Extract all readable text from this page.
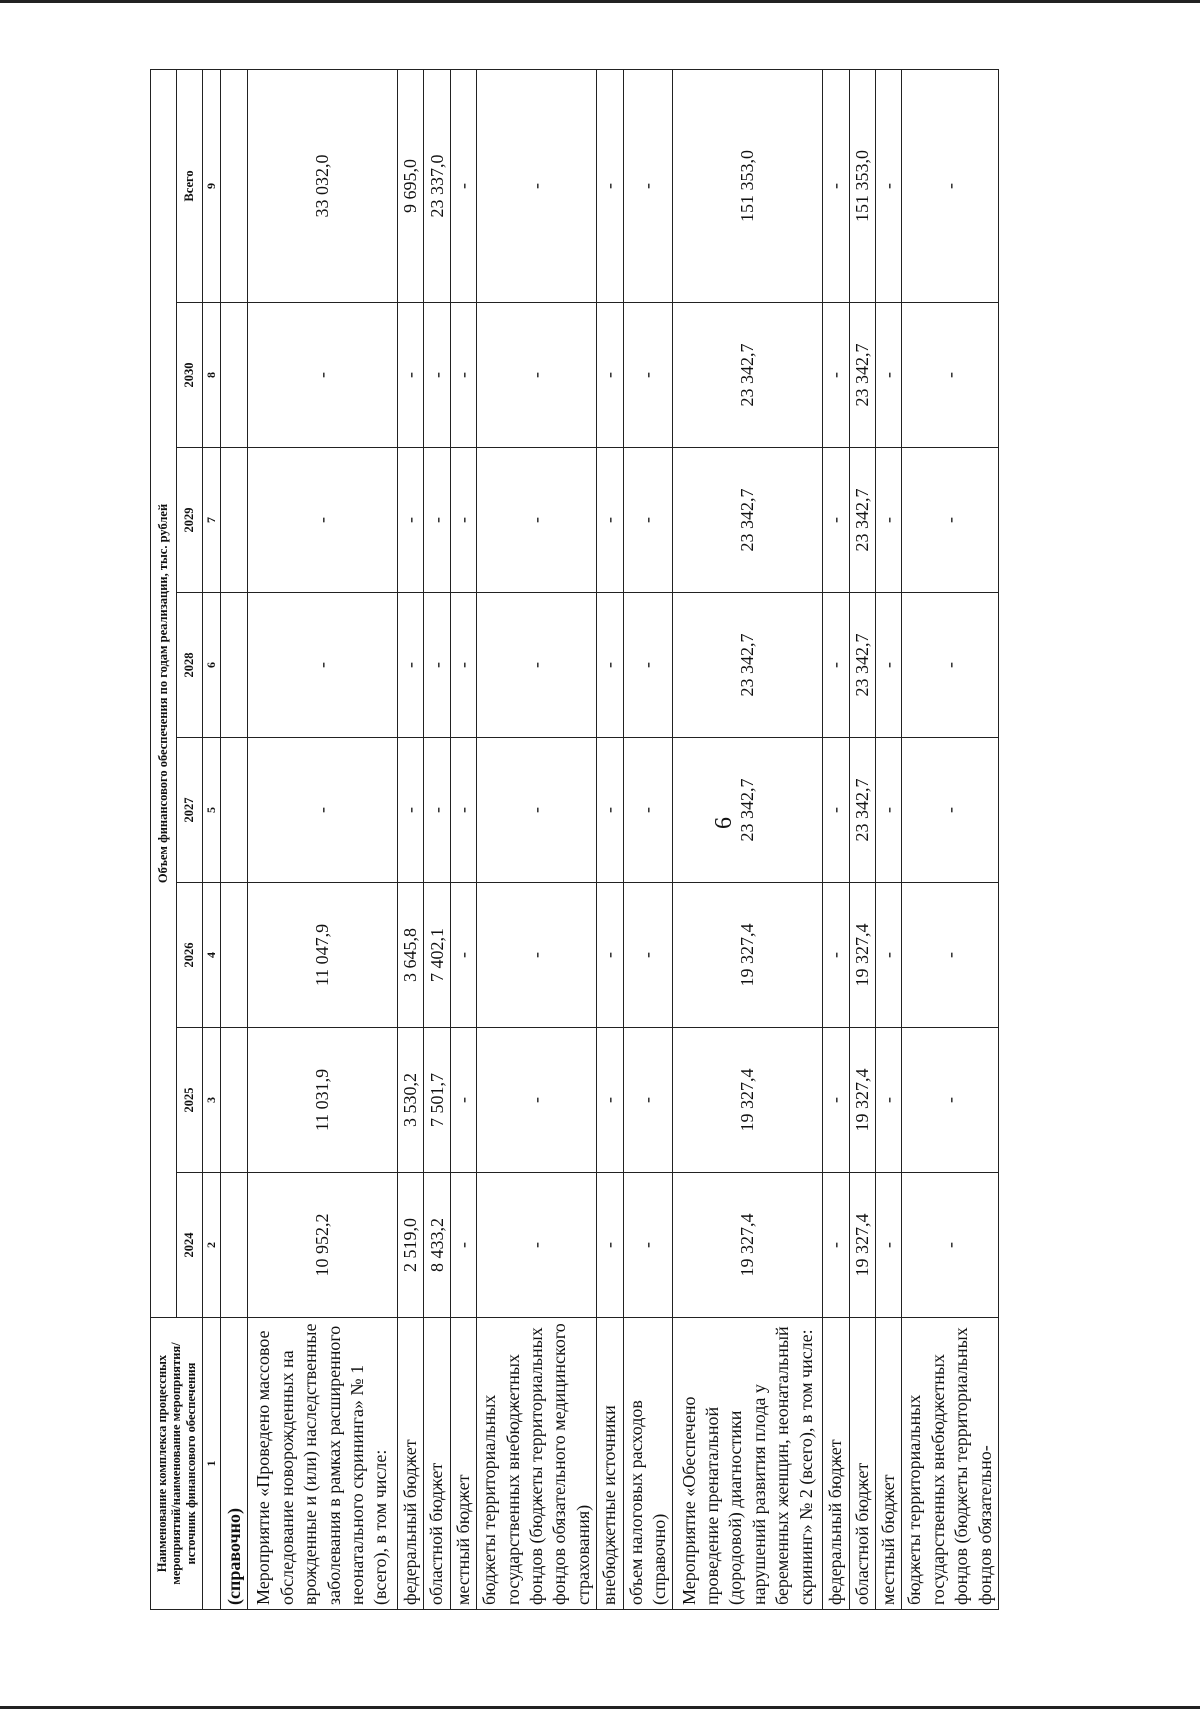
6
Наименование комплекса процессных мероприятий/наименование мероприятия/источник финансового обеспечения	Объем финансового обеспечения по годам реализации, тыс. рублей							
	2024	2025	2026	2027	2028	2029	2030	Всего
1	2	3	4	5	6	7	8	9
(справочно)								
Мероприятие «Проведено массовое обследование новорожденных на врожденные и (или) наследственные заболевания в рамках расширенного неонатального скрининга» № 1 (всего), в том числе:	10 952,2	11 031,9	11 047,9	-	-	-	-	33 032,0
федеральный бюджет	2 519,0	3 530,2	3 645,8	-	-	-	-	9 695,0
областной бюджет	8 433,2	7 501,7	7 402,1	-	-	-	-	23 337,0
местный бюджет	-	-	-	-	-	-	-	-
бюджеты территориальных государственных внебюджетных фондов (бюджеты территориальных фондов обязательного медицинского страхования)	-	-	-	-	-	-	-	-
внебюджетные источники	-	-	-	-	-	-	-	-
объем налоговых расходов (справочно)	-	-	-	-	-	-	-	-
Мероприятие «Обеспечено проведение пренатальной (дородовой) диагностики нарушений развития плода у беременных женщин, неонатальный скрининг» № 2 (всего), в том числе:	19 327,4	19 327,4	19 327,4	23 342,7	23 342,7	23 342,7	23 342,7	151 353,0
федеральный бюджет	-	-	-	-	-	-	-	-
областной бюджет	19 327,4	19 327,4	19 327,4	23 342,7	23 342,7	23 342,7	23 342,7	151 353,0
местный бюджет	-	-	-	-	-	-	-	-
бюджеты территориальных государственных внебюджетных фондов (бюджеты территориальных фондов обязательно-	-	-	-	-	-	-	-	-
